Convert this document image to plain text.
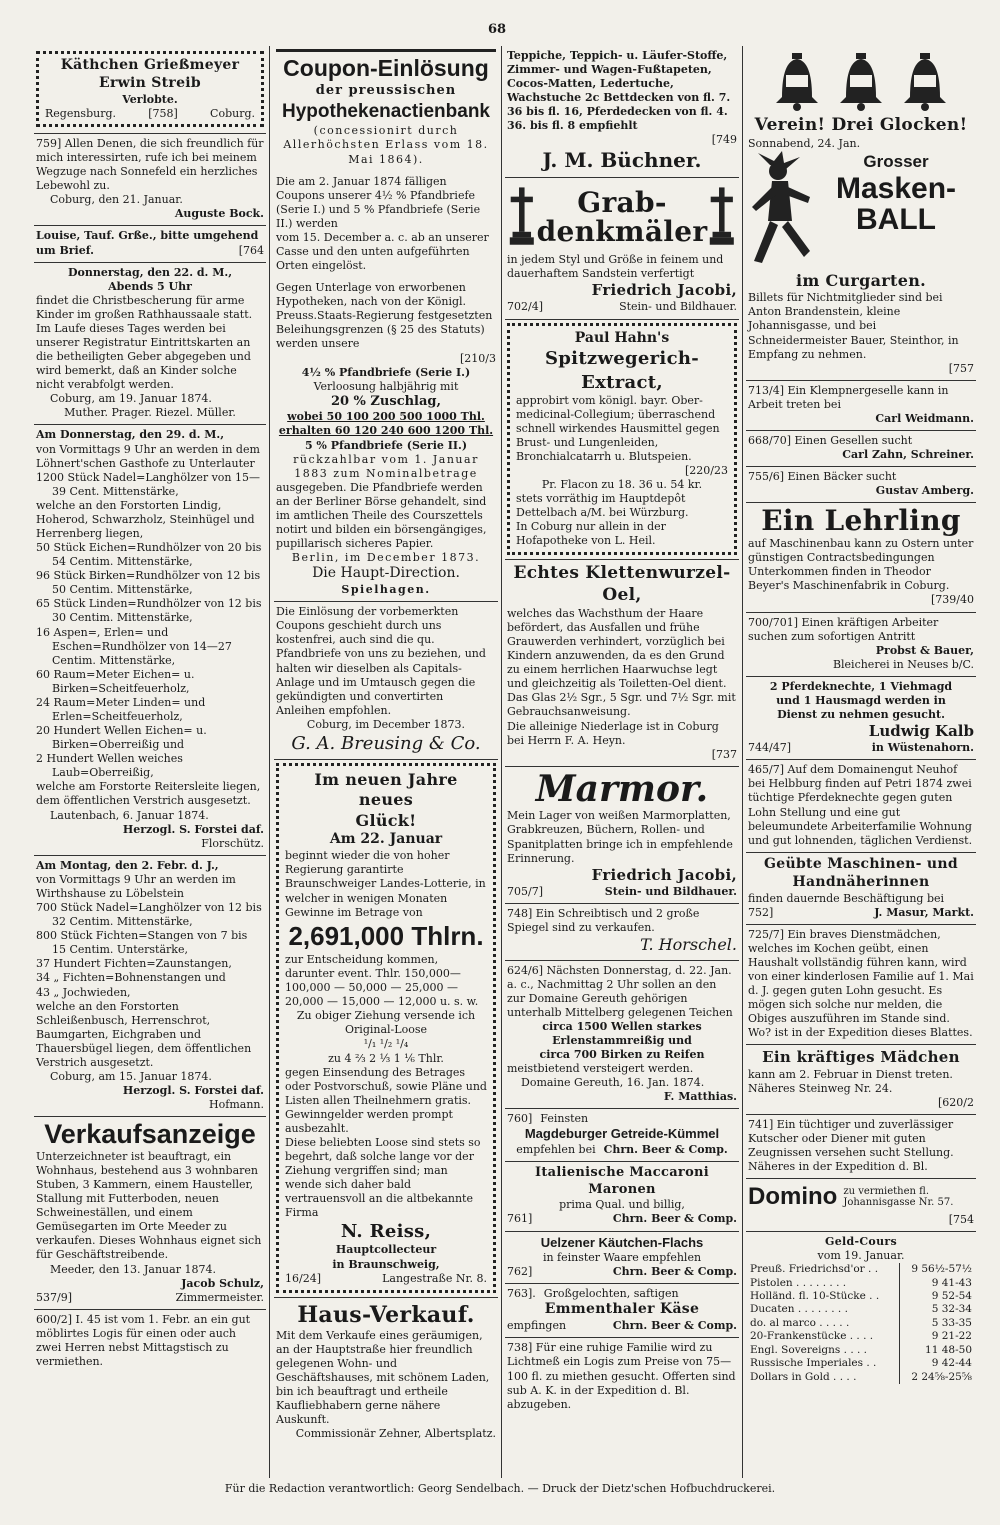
68
Käthchen Grießmeyer
Erwin Streib
Verlobte.
Regensburg.	[758]	Coburg.
759] Allen Denen, die sich freundlich für mich interessirten, rufe ich bei meinem Wegzuge nach Sonnefeld ein herzliches Lebewohl zu.
Coburg, den 21. Januar.
Auguste Bock.
Louise, Tauf. Grße., bitte umgehend um Brief.	[764
Donnerstag, den 22. d. M.,
Abends 5 Uhr
findet die Christbescherung für arme Kinder im großen Rathhaussaale statt. Im Laufe dieses Tages werden bei unserer Registratur Eintrittskarten an die betheiligten Geber abgegeben und wird bemerkt, daß an Kinder solche nicht verabfolgt werden.
Coburg, am 19. Januar 1874.
Muther. Prager. Riezel. Müller.
Am Donnerstag, den 29. d. M.,
von Vormittags 9 Uhr an werden in dem Löhnert'schen Gasthofe zu Unterlauter
1200 Stück Nadel=Langhölzer von 15—39 Cent. Mittenstärke,
welche an den Forstorten Lindig, Hoherod, Schwarzholz, Steinhügel und Herrenberg liegen,
50 Stück Eichen=Rundhölzer von 20 bis 54 Centim. Mittenstärke,
96 Stück Birken=Rundhölzer von 12 bis 50 Centim. Mittenstärke,
65 Stück Linden=Rundhölzer von 12 bis 30 Centim. Mittenstärke,
16 Aspen=, Erlen= und Eschen=Rundhölzer von 14—27 Centim. Mittenstärke,
60 Raum=Meter Eichen= u. Birken=Scheitfeuerholz,
24 Raum=Meter Linden= und Erlen=Scheitfeuerholz,
20 Hundert Wellen Eichen= u. Birken=Oberreißig und
2 Hundert Wellen weiches Laub=Oberreißig,
welche am Forstorte Reitersleite liegen, dem öffentlichen Verstrich ausgesetzt.
Lautenbach, 6. Januar 1874.
Herzogl. S. Forstei daf.
Florschütz.
Am Montag, den 2. Febr. d. J.,
von Vormittags 9 Uhr an werden im Wirthshause zu Löbelstein
700 Stück Nadel=Langhölzer von 12 bis 32 Centim. Mittenstärke,
800 Stück Fichten=Stangen von 7 bis 15 Centim. Unterstärke,
37 Hundert Fichten=Zaunstangen,
34 „ Fichten=Bohnenstangen und
43 „ Jochwieden,
welche an den Forstorten Schleißenbusch, Herrenschrot, Baumgarten, Eichgraben und Thauersbügel liegen, dem öffentlichen Verstrich ausgesetzt.
Coburg, am 15. Januar 1874.
Herzogl. S. Forstei daf.
Hofmann.
Verkaufsanzeige
Unterzeichneter ist beauftragt, ein Wohnhaus, bestehend aus 3 wohnbaren Stuben, 3 Kammern, einem Hausteller, Stallung mit Futterboden, neuen Schweineställen, und einem Gemüsegarten im Orte Meeder zu verkaufen. Dieses Wohnhaus eignet sich für Geschäftstreibende.
Meeder, den 13. Januar 1874.
Jacob Schulz,
537/9]	Zimmermeister.
600/2] I. 45 ist vom 1. Febr. an ein gut möblirtes Logis für einen oder auch zwei Herren nebst Mittagstisch zu vermiethen.
Coupon-Einlösung
der preussischen
Hypothekenactienbank
(concessionirt durch Allerhöchsten Erlass vom 18. Mai 1864).
Die am 2. Januar 1874 fälligen Coupons unserer 4½ % Pfandbriefe (Serie I.) und 5 % Pfandbriefe (Serie II.) werden
vom 15. December a. c. ab an unserer Casse und den unten aufgeführten Orten eingelöst.
Gegen Unterlage von erworbenen Hypotheken, nach von der Königl. Preuss.Staats-Regierung festgesetzten Beleihungsgrenzen (§ 25 des Statuts) werden unsere
[210/3
4½ % Pfandbriefe (Serie I.)
Verloosung halbjährig mit
20 % Zuschlag,
wobei 50 100 200 500 1000 Thl.
erhalten 60 120 240 600 1200 Thl.
5 % Pfandbriefe (Serie II.)
rückzahlbar vom 1. Januar 1883 zum Nominalbetrage
ausgegeben. Die Pfandbriefe werden an der Berliner Börse gehandelt, sind im amtlichen Theile des Courszettels notirt und bilden ein börsengängiges, pupillarisch sicheres Papier.
Berlin, im December 1873.
Die Haupt-Direction.
Spielhagen.
Die Einlösung der vorbemerkten Coupons geschieht durch uns kostenfrei, auch sind die qu. Pfandbriefe von uns zu beziehen, und halten wir dieselben als Capitals-Anlage und im Umtausch gegen die gekündigten und convertirten Anleihen empfohlen.
Coburg, im December 1873.
G. A. Breusing & Co.
Im neuen Jahre neues
Glück!
Am 22. Januar
beginnt wieder die von hoher Regierung garantirte Braunschweiger Landes-Lotterie, in welcher in wenigen Monaten Gewinne im Betrage von
2,691,000 Thlrn.
zur Entscheidung kommen, darunter event. Thlr. 150,000—100,000 — 50,000 — 25,000 — 20,000 — 15,000 — 12,000 u. s. w.
Zu obiger Ziehung versende ich Original-Loose
¹/₁ ¹/₂ ¹/₄
zu 4 ⅔ 2 ⅓ 1 ⅙ Thlr.
gegen Einsendung des Betrages oder Postvorschuß, sowie Pläne und Listen allen Theilnehmern gratis.
Gewinngelder werden prompt ausbezahlt.
Diese beliebten Loose sind stets so begehrt, daß solche lange vor der Ziehung vergriffen sind; man wende sich daher bald vertrauensvoll an die altbekannte Firma
N. Reiss,
Hauptcollecteur
in Braunschweig,
16/24]	Langestraße Nr. 8.
Haus-Verkauf.
Mit dem Verkaufe eines geräumigen, an der Hauptstraße hier freundlich gelegenen Wohn- und Geschäftshauses, mit schönem Laden, bin ich beauftragt und ertheile Kaufliebhabern gerne nähere Auskunft.
Commissionär Zehner, Albertsplatz.
Teppiche, Teppich- u. Läufer-Stoffe, Zimmer- und Wagen-Fußtapeten, Cocos-Matten, Ledertuche, Wachstuche 2c Bettdecken von fl. 7. 36 bis fl. 16, Pferdedecken von fl. 4. 36. bis fl. 8 empfiehlt
[749
J. M. Büchner.
Grab-
denkmäler
in jedem Styl und Größe in feinem und dauerhaftem Sandstein verfertigt
Friedrich Jacobi,
702/4]	Stein- und Bildhauer.
Paul Hahn's
Spitzwegerich-Extract,
approbirt vom königl. bayr. Ober-medicinal-Collegium; überraschend schnell wirkendes Hausmittel gegen Brust- und Lungenleiden, Bronchialcatarrh u. Blutspeien.
[220/23
Pr. Flacon zu 18. 36 u. 54 kr.
stets vorräthig im Hauptdepôt Dettelbach a/M. bei Würzburg.
In Coburg nur allein in der Hofapotheke von L. Heil.
Echtes Klettenwurzel-Oel,
welches das Wachsthum der Haare befördert, das Ausfallen und frühe Grauwerden verhindert, vorzüglich bei Kindern anzuwenden, da es den Grund zu einem herrlichen Haarwuchse legt und gleichzeitig als Toiletten-Oel dient. Das Glas 2½ Sgr., 5 Sgr. und 7½ Sgr. mit Gebrauchsanweisung.
Die alleinige Niederlage ist in Coburg bei Herrn F. A. Heyn.
[737
Marmor.
Mein Lager von weißen Marmorplatten, Grabkreuzen, Büchern, Rollen- und Spanitplatten bringe ich in empfehlende Erinnerung.
Friedrich Jacobi,
705/7]	Stein- und Bildhauer.
748] Ein Schreibtisch und 2 große Spiegel sind zu verkaufen.
T. Horschel.
624/6] Nächsten Donnerstag, d. 22. Jan. a. c., Nachmittag 2 Uhr sollen an den zur Domaine Gereuth gehörigen unterhalb Mittelberg gelegenen Teichen
circa 1500 Wellen starkes Erlenstammreißig und
circa 700 Birken zu Reifen
meistbietend versteigert werden.
Domaine Gereuth, 16. Jan. 1874.
F. Matthias.
760] Feinsten
Magdeburger Getreide-Kümmel
empfehlen bei Chrn. Beer & Comp.
Italienische Maccaroni
Maronen
prima Qual. und billig,
761]	Chrn. Beer & Comp.
Uelzener Käutchen-Flachs
in feinster Waare empfehlen
762]	Chrn. Beer & Comp.
763]. Großgelochten, saftigen
Emmenthaler Käse
empfingen	Chrn. Beer & Comp.
738] Für eine ruhige Familie wird zu Lichtmeß ein Logis zum Preise von 75—100 fl. zu miethen gesucht. Offerten sind sub A. K. in der Expedition d. Bl. abzugeben.
Verein! Drei Glocken!
Sonnabend, 24. Jan.
Grosser
Masken-
BALL
im Curgarten.
Billets für Nichtmitglieder sind bei Anton Brandenstein, kleine Johannisgasse, und bei Schneidermeister Bauer, Steinthor, in Empfang zu nehmen.
[757
713/4] Ein Klempnergeselle kann in Arbeit treten bei
Carl Weidmann.
668/70] Einen Gesellen sucht
Carl Zahn, Schreiner.
755/6] Einen Bäcker sucht
Gustav Amberg.
Ein Lehrling
auf Maschinenbau kann zu Ostern unter günstigen Contractsbedingungen Unterkommen finden in Theodor Beyer's Maschinenfabrik in Coburg.
[739/40
700/701] Einen kräftigen Arbeiter suchen zum sofortigen Antritt
Probst & Bauer,
Bleicherei in Neuses b/C.
2 Pferdeknechte, 1 Viehmagd
und 1 Hausmagd werden in
Dienst zu nehmen gesucht.
Ludwig Kalb
744/47]	in Wüstenahorn.
465/7] Auf dem Domainengut Neuhof bei Helbburg finden auf Petri 1874 zwei tüchtige Pferdeknechte gegen guten Lohn Stellung und eine gut beleumundete Arbeiterfamilie Wohnung und gut lohnenden, täglichen Verdienst.
Geübte Maschinen- und
Handnäherinnen
finden dauernde Beschäftigung bei
752]	J. Masur, Markt.
725/7] Ein braves Dienstmädchen, welches im Kochen geübt, einen Haushalt vollständig führen kann, wird von einer kinderlosen Familie auf 1. Mai d. J. gegen guten Lohn gesucht. Es mögen sich solche nur melden, die Obiges auszuführen im Stande sind. Wo? ist in der Expedition dieses Blattes.
Ein kräftiges Mädchen
kann am 2. Februar in Dienst treten. Näheres Steinweg Nr. 24.
[620/2
741] Ein tüchtiger und zuverlässiger Kutscher oder Diener mit guten Zeugnissen versehen sucht Stellung. Näheres in der Expedition d. Bl.
Domino zu vermiethen fl. Johannisgasse Nr. 57.
[754
Geld-Cours
vom 19. Januar.
Preuß. Friedrichsd'or . .	9 56½-57½
Pistolen . . . . . . . .	9 41-43
Holländ. fl. 10-Stücke . .	9 52-54
Ducaten . . . . . . . .	5 32-34
do. al marco . . . . .	5 33-35
20-Frankenstücke . . . .	9 21-22
Engl. Sovereigns . . . .	11 48-50
Russische Imperiales . .	9 42-44
Dollars in Gold . . . .	2 24⅝-25⅝
Für die Redaction verantwortlich: Georg Sendelbach. — Druck der Dietz'schen Hofbuchdruckerei.
